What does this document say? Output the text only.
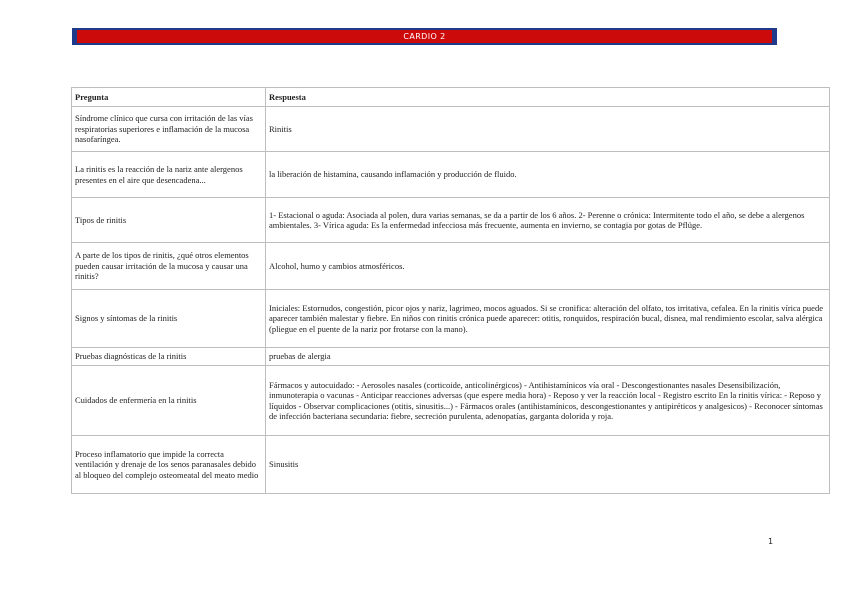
CARDIO 2
Pregunta	Respuesta
Síndrome clínico que cursa con irritación de las vías respiratorias superiores e inflamación de la mucosa nasofaríngea.	Rinitis
La rinitis es la reacción de la nariz ante alergenos presentes en el aire que desencadena...	la liberación de histamina, causando inflamación y producción de fluido.
Tipos de rinitis	1- Estacional o aguda: Asociada al polen, dura varias semanas, se da a partir de los 6 años. 2- Perenne o crónica: Intermitente todo el año, se debe a alergenos ambientales. 3- Vírica aguda: Es la enfermedad infecciosa más frecuente, aumenta en invierno, se contagia por gotas de Pflüge.
A parte de los tipos de rinitis, ¿qué otros elementos pueden causar irritación de la mucosa y causar una rinitis?	Alcohol, humo y cambios atmosféricos.
Signos y síntomas de la rinitis	Iniciales: Estornudos, congestión, picor ojos y nariz, lagrimeo, mocos aguados. Si se cronifica: alteración del olfato, tos irritativa, cefalea. En la rinitis vírica puede aparecer también malestar y fiebre. En niños con rinitis crónica puede aparecer: otitis, ronquidos, respiración bucal, disnea, mal rendimiento escolar, salva alérgica (pliegue en el puente de la nariz por frotarse con la mano).
Pruebas diagnósticas de la rinitis	pruebas de alergia
Cuidados de enfermería en la rinitis	Fármacos y autocuidado: - Aerosoles nasales (corticoide, anticolinérgicos) - Antihistamínicos vía oral - Descongestionantes nasales Desensibilización, inmunoterapia o vacunas - Anticipar reacciones adversas (que espere media hora) - Reposo y ver la reacción local - Registro escrito En la rinitis vírica: - Reposo y líquidos - Observar complicaciones (otitis, sinusitis...) - Fármacos orales (antihistamínicos, descongestionantes y antipiréticos y analgesicos) - Reconocer síntomas de infección bacteriana secundaria: fiebre, secreción purulenta, adenopatías, garganta dolorida y roja.
Proceso inflamatorio que impide la correcta ventilación y drenaje de los senos paranasales debido al bloqueo del complejo osteomeatal del meato medio	Sinusitis
1
